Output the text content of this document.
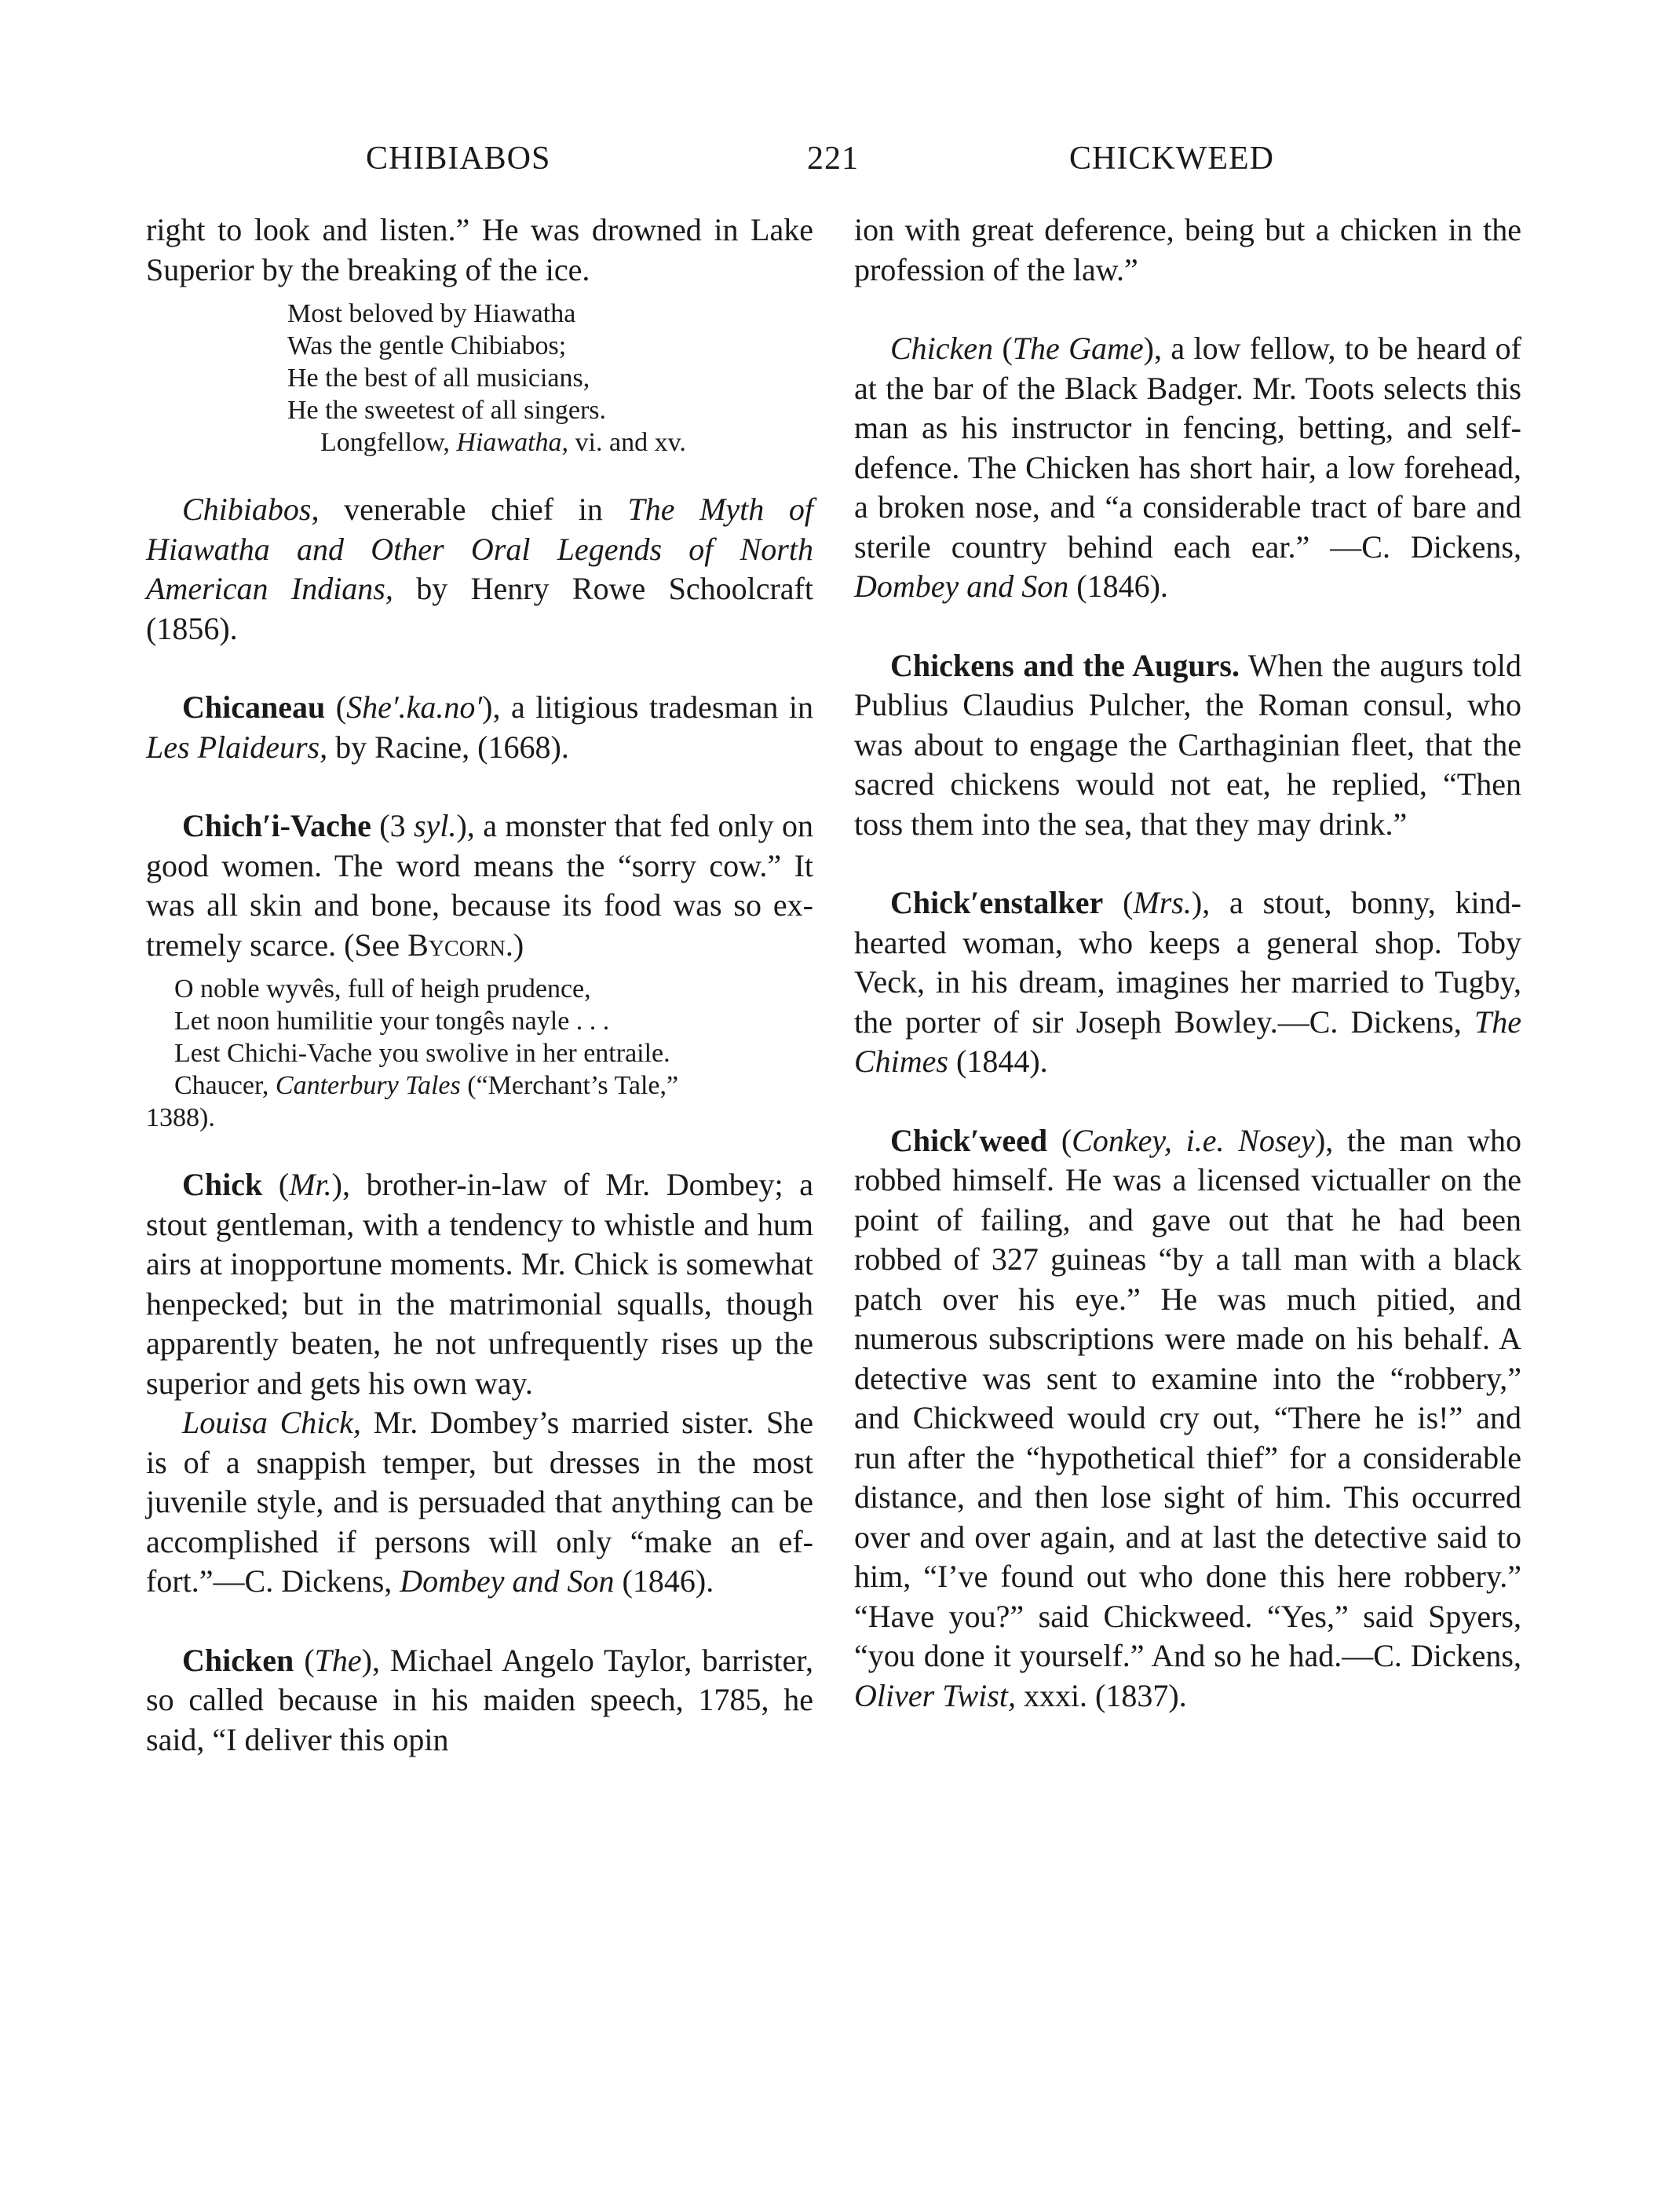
CHIBIABOS	221	CHICKWEED

right to look and listen.” He was drowned in Lake Superior by the breaking of the ice.

Most beloved by Hiawatha
Was the gentle Chibiabos;
He the best of all musicians,
He the sweetest of all singers.
Longfellow, Hiawatha, vi. and xv.

Chibiabos, venerable chief in The Myth of Hiawatha and Other Oral Legends of North American Indians, by Henry Rowe Schoolcraft (1856).

Chicaneau (She′.ka.no′), a litigious tradesman in Les Plaideurs, by Racine, (1668).

Chich′i-Vache (3 syl.), a monster that fed only on good women. The word means the “sorry cow.” It was all skin and bone, because its food was so extremely scarce. (See Bycorn.)

O noble wyvês, full of heigh prudence,
Let noon humilitie your tongês nayle . . .
Lest Chichi-Vache you swolive in her entraile.
Chaucer, Canterbury Tales (“Merchant’s Tale,”
1388).

Chick (Mr.), brother-in-law of Mr. Dombey; a stout gentleman, with a tendency to whistle and hum airs at inopportune moments. Mr. Chick is somewhat henpecked; but in the matrimonial squalls, though apparently beaten, he not unfrequently rises up the superior and gets his own way.

Louisa Chick, Mr. Dombey’s married sister. She is of a snappish temper, but dresses in the most juvenile style, and is persuaded that anything can be accomplished if persons will only “make an effort.”—C. Dickens, Dombey and Son (1846).

Chicken (The), Michael Angelo Taylor, barrister, so called because in his maiden speech, 1785, he said, “I deliver this opin

ion with great deference, being but a chicken in the profession of the law.”

Chicken (The Game), a low fellow, to be heard of at the bar of the Black Badger. Mr. Toots selects this man as his instructor in fencing, betting, and self-defence. The Chicken has short hair, a low forehead, a broken nose, and “a considerable tract of bare and sterile country behind each ear.” —C. Dickens, Dombey and Son (1846).

Chickens and the Augurs. When the augurs told Publius Claudius Pulcher, the Roman consul, who was about to engage the Carthaginian fleet, that the sacred chickens would not eat, he replied, “Then toss them into the sea, that they may drink.”

Chick′enstalker (Mrs.), a stout, bonny, kind-hearted woman, who keeps a general shop. Toby Veck, in his dream, imagines her married to Tugby, the porter of sir Joseph Bowley.—C. Dickens, The Chimes (1844).

Chick′weed (Conkey, i.e. Nosey), the man who robbed himself. He was a licensed victualler on the point of failing, and gave out that he had been robbed of 327 guineas “by a tall man with a black patch over his eye.” He was much pitied, and numerous subscriptions were made on his behalf. A detective was sent to examine into the “robbery,” and Chickweed would cry out, “There he is!” and run after the “hypothetical thief” for a considerable distance, and then lose sight of him. This occurred over and over again, and at last the detective said to him, “I’ve found out who done this here robbery.” “Have you?” said Chickweed. “Yes,” said Spyers, “you done it yourself.” And so he had.—C. Dickens, Oliver Twist, xxxi. (1837).
